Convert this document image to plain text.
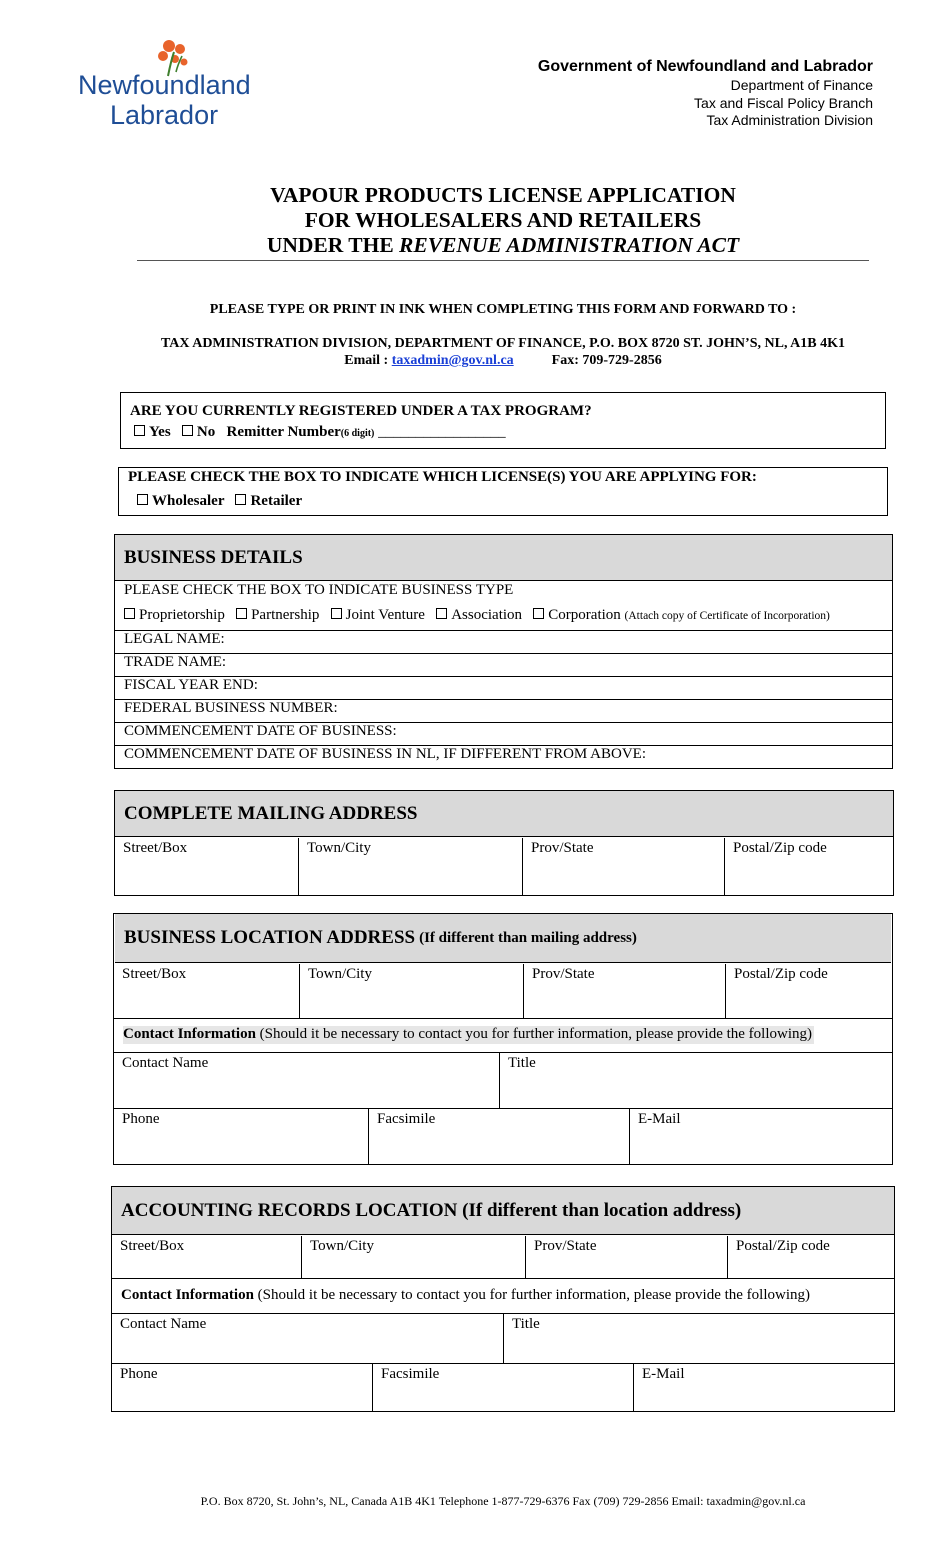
Newfoundland
Labrador
Government of Newfoundland and Labrador
Department of Finance
Tax and Fiscal Policy Branch
Tax Administration Division
VAPOUR PRODUCTS LICENSE APPLICATION
FOR WHOLESALERS AND RETAILERS
UNDER THE REVENUE ADMINISTRATION ACT
PLEASE TYPE OR PRINT IN INK WHEN COMPLETING THIS FORM AND FORWARD TO :
TAX ADMINISTRATION DIVISION, DEPARTMENT OF FINANCE, P.O. BOX 8720 ST. JOHN’S, NL, A1B 4K1
Email : taxadmin@gov.nl.ca	Fax: 709-729-2856
ARE YOU CURRENTLY REGISTERED UNDER A TAX PROGRAM?
Yes No Remitter Number(6 digit) _________________
PLEASE CHECK THE BOX TO INDICATE WHICH LICENSE(S) YOU ARE APPLYING FOR:
Wholesaler Retailer
BUSINESS DETAILS
PLEASE CHECK THE BOX TO INDICATE BUSINESS TYPE
Proprietorship Partnership Joint Venture Association Corporation (Attach copy of Certificate of Incorporation)
LEGAL NAME:
TRADE NAME:
FISCAL YEAR END:
FEDERAL BUSINESS NUMBER:
COMMENCEMENT DATE OF BUSINESS:
COMMENCEMENT DATE OF BUSINESS IN NL, IF DIFFERENT FROM ABOVE:
COMPLETE MAILING ADDRESS
Street/Box	Town/City	Prov/State	Postal/Zip code
BUSINESS LOCATION ADDRESS (If different than mailing address)
Street/Box	Town/City	Prov/State	Postal/Zip code
Contact Information (Should it be necessary to contact you for further information, please provide the following)
Contact Name	Title
Phone	Facsimile	E-Mail
ACCOUNTING RECORDS LOCATION (If different than location address)
Street/Box	Town/City	Prov/State	Postal/Zip code
Contact Information (Should it be necessary to contact you for further information, please provide the following)
Contact Name	Title
Phone	Facsimile	E-Mail
P.O. Box 8720, St. John’s, NL, Canada A1B 4K1 Telephone 1-877-729-6376 Fax (709) 729-2856 Email: taxadmin@gov.nl.ca
